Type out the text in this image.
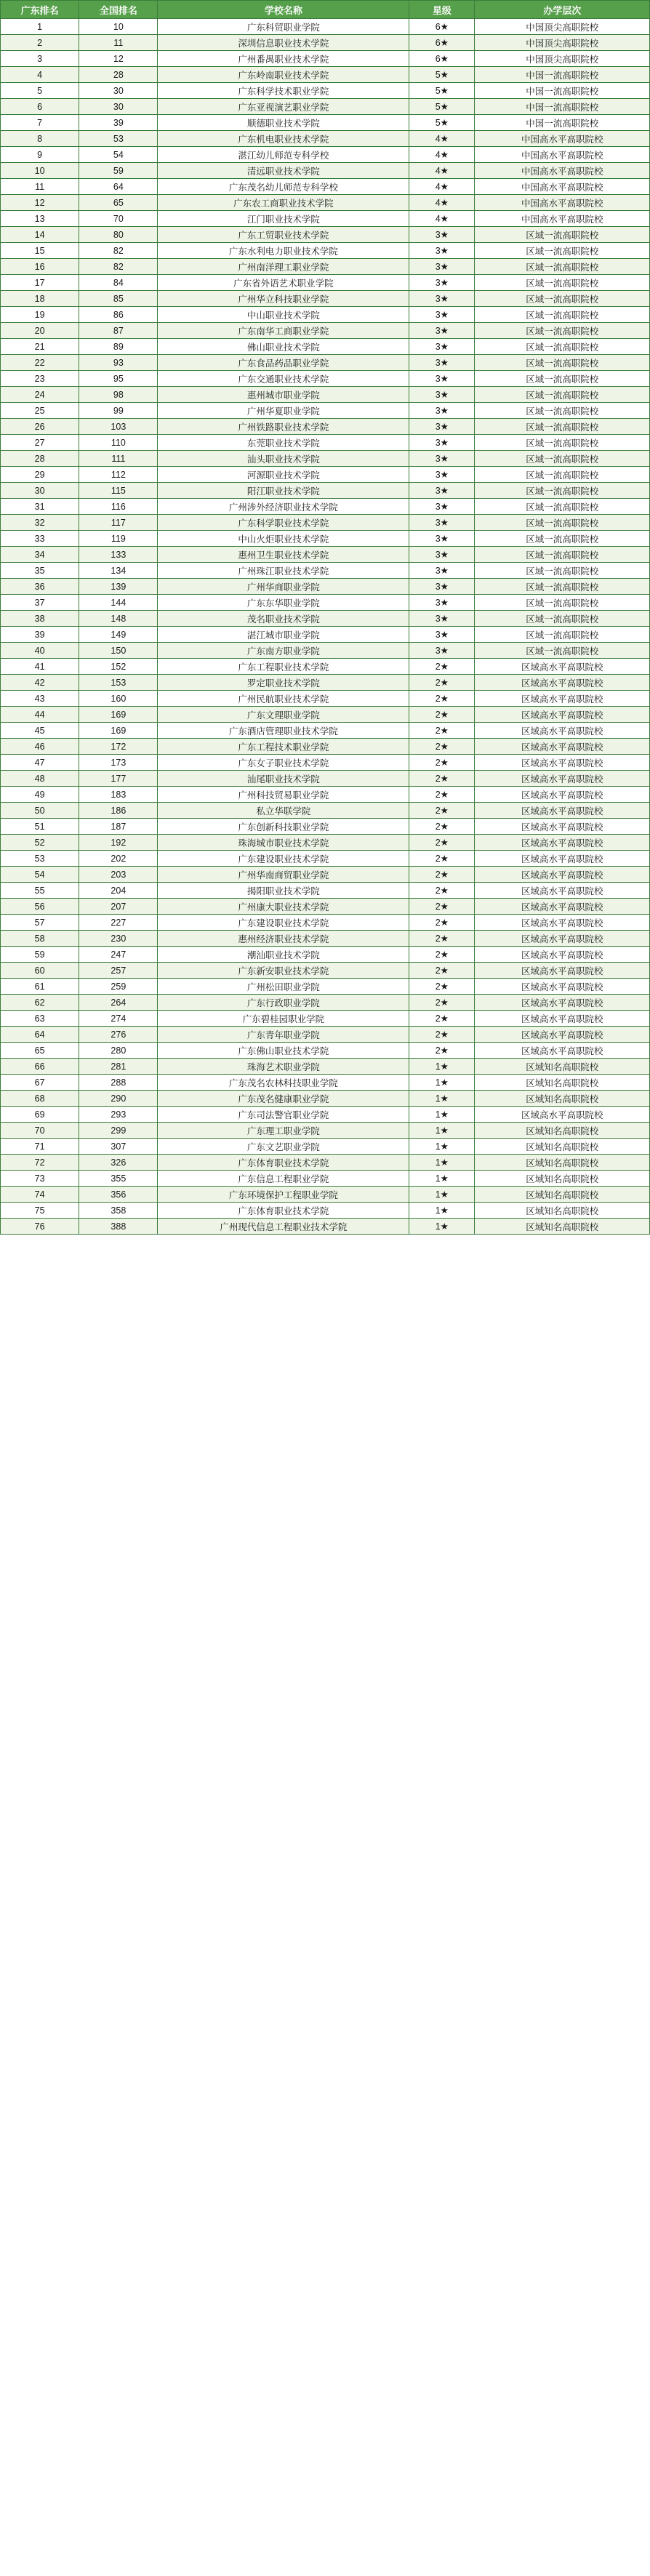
广东排名	全国排名	学校名称	星级	办学层次
1	10	广东科贸职业学院	6★	中国顶尖高职院校
2	11	深圳信息职业技术学院	6★	中国顶尖高职院校
3	12	广州番禺职业技术学院	6★	中国顶尖高职院校
4	28	广东岭南职业技术学院	5★	中国一流高职院校
5	30	广东科学技术职业学院	5★	中国一流高职院校
6	30	广东亚视演艺职业学院	5★	中国一流高职院校
7	39	顺德职业技术学院	5★	中国一流高职院校
8	53	广东机电职业技术学院	4★	中国高水平高职院校
9	54	湛江幼儿师范专科学校	4★	中国高水平高职院校
10	59	清远职业技术学院	4★	中国高水平高职院校
11	64	广东茂名幼儿师范专科学校	4★	中国高水平高职院校
12	65	广东农工商职业技术学院	4★	中国高水平高职院校
13	70	江门职业技术学院	4★	中国高水平高职院校
14	80	广东工贸职业技术学院	3★	区域一流高职院校
15	82	广东水利电力职业技术学院	3★	区域一流高职院校
16	82	广州南洋理工职业学院	3★	区域一流高职院校
17	84	广东省外语艺术职业学院	3★	区域一流高职院校
18	85	广州华立科技职业学院	3★	区域一流高职院校
19	86	中山职业技术学院	3★	区域一流高职院校
20	87	广东南华工商职业学院	3★	区域一流高职院校
21	89	佛山职业技术学院	3★	区域一流高职院校
22	93	广东食品药品职业学院	3★	区域一流高职院校
23	95	广东交通职业技术学院	3★	区域一流高职院校
24	98	惠州城市职业学院	3★	区域一流高职院校
25	99	广州华夏职业学院	3★	区域一流高职院校
26	103	广州铁路职业技术学院	3★	区域一流高职院校
27	110	东莞职业技术学院	3★	区域一流高职院校
28	111	汕头职业技术学院	3★	区域一流高职院校
29	112	河源职业技术学院	3★	区域一流高职院校
30	115	阳江职业技术学院	3★	区域一流高职院校
31	116	广州涉外经济职业技术学院	3★	区域一流高职院校
32	117	广东科学职业技术学院	3★	区域一流高职院校
33	119	中山火炬职业技术学院	3★	区域一流高职院校
34	133	惠州卫生职业技术学院	3★	区域一流高职院校
35	134	广州珠江职业技术学院	3★	区域一流高职院校
36	139	广州华商职业学院	3★	区域一流高职院校
37	144	广东东华职业学院	3★	区域一流高职院校
38	148	茂名职业技术学院	3★	区域一流高职院校
39	149	湛江城市职业学院	3★	区域一流高职院校
40	150	广东南方职业学院	3★	区域一流高职院校
41	152	广东工程职业技术学院	2★	区域高水平高职院校
42	153	罗定职业技术学院	2★	区域高水平高职院校
43	160	广州民航职业技术学院	2★	区域高水平高职院校
44	169	广东文理职业学院	2★	区域高水平高职院校
45	169	广东酒店管理职业技术学院	2★	区域高水平高职院校
46	172	广东工程技术职业学院	2★	区域高水平高职院校
47	173	广东女子职业技术学院	2★	区域高水平高职院校
48	177	汕尾职业技术学院	2★	区域高水平高职院校
49	183	广州科技贸易职业学院	2★	区域高水平高职院校
50	186	私立华联学院	2★	区域高水平高职院校
51	187	广东创新科技职业学院	2★	区域高水平高职院校
52	192	珠海城市职业技术学院	2★	区域高水平高职院校
53	202	广东建设职业技术学院	2★	区域高水平高职院校
54	203	广州华南商贸职业学院	2★	区域高水平高职院校
55	204	揭阳职业技术学院	2★	区域高水平高职院校
56	207	广州康大职业技术学院	2★	区域高水平高职院校
57	227	广东建设职业技术学院	2★	区域高水平高职院校
58	230	惠州经济职业技术学院	2★	区域高水平高职院校
59	247	潮汕职业技术学院	2★	区域高水平高职院校
60	257	广东新安职业技术学院	2★	区域高水平高职院校
61	259	广州松田职业学院	2★	区域高水平高职院校
62	264	广东行政职业学院	2★	区域高水平高职院校
63	274	广东碧桂园职业学院	2★	区域高水平高职院校
64	276	广东青年职业学院	2★	区域高水平高职院校
65	280	广东佛山职业技术学院	2★	区域高水平高职院校
66	281	珠海艺术职业学院	1★	区域知名高职院校
67	288	广东茂名农林科技职业学院	1★	区域知名高职院校
68	290	广东茂名健康职业学院	1★	区域知名高职院校
69	293	广东司法警官职业学院	1★	区域高水平高职院校
70	299	广东理工职业学院	1★	区域知名高职院校
71	307	广东文艺职业学院	1★	区域知名高职院校
72	326	广东体育职业技术学院	1★	区域知名高职院校
73	355	广东信息工程职业学院	1★	区域知名高职院校
74	356	广东环境保护工程职业学院	1★	区域知名高职院校
75	358	广东体育职业技术学院	1★	区域知名高职院校
76	388	广州现代信息工程职业技术学院	1★	区域知名高职院校
